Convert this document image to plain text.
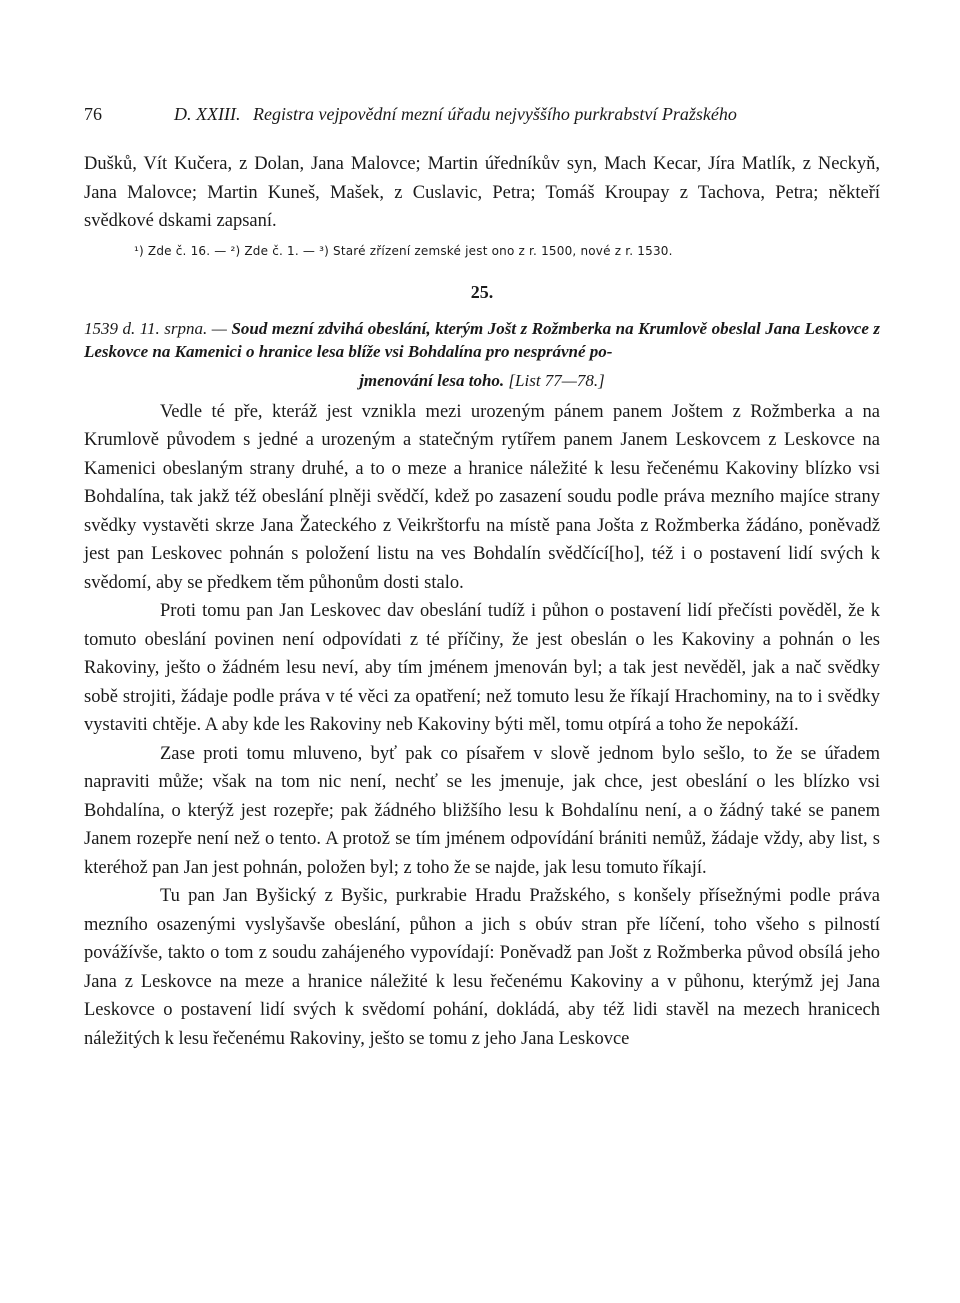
76	D. XXIII. Registra vejpovědní mezní úřadu nejvyššího purkrabství Pražského

Dušků, Vít Kučera, z Dolan, Jana Malovce; Martin úředníkův syn, Mach Kecar, Jíra Matlík, z Neckyň, Jana Malovce; Martin Kuneš, Mašek, z Cuslavic, Petra; Tomáš Kroupay z Tachova, Petra; někteří svědkové dskami zapsaní.

¹) Zde č. 16. — ²) Zde č. 1. — ³) Staré zřízení zemské jest ono z r. 1500, nové z r. 1530.

25.

1539 d. 11. srpna. — Soud mezní zdvihá obeslání, kterým Jošt z Rožmberka na Krumlově obeslal Jana Leskovce z Leskovce na Kamenici o hranice lesa blíže vsi Bohdalína pro nesprávné po-

jmenování lesa toho. [List 77—78.]

Vedle té pře, kteráž jest vznikla mezi urozeným pánem panem Joštem z Rožmberka a na Krumlově původem s jedné a urozeným a statečným rytířem panem Janem Leskovcem z Leskovce na Kamenici obeslaným strany druhé, a to o meze a hranice náležité k lesu řečenému Kakoviny blízko vsi Bohdalína, tak jakž též obeslání plněji svědčí, kdež po zasazení soudu podle práva mezního majíce strany svědky vystavěti skrze Jana Žateckého z Veikrštorfu na místě pana Jošta z Rožmberka žádáno, poněvadž jest pan Leskovec pohnán s položení listu na ves Bohdalín svědčící[ho], též i o postavení lidí svých k svědomí, aby se předkem těm půhonům dosti stalo.

Proti tomu pan Jan Leskovec dav obeslání tudíž i půhon o postavení lidí přečísti pověděl, že k tomuto obeslání povinen není odpovídati z té příčiny, že jest obeslán o les Kakoviny a pohnán o les Rakoviny, ješto o žádném lesu neví, aby tím jménem jmenován byl; a tak jest nevěděl, jak a nač svědky sobě strojiti, žádaje podle práva v té věci za opatření; než tomuto lesu že říkají Hrachominy, na to i svědky vystaviti chtěje. A aby kde les Rakoviny neb Kakoviny býti měl, tomu otpírá a toho že nepokáží.

Zase proti tomu mluveno, byť pak co písařem v slově jednom bylo sešlo, to že se úřadem napraviti může; však na tom nic není, nechť se les jmenuje, jak chce, jest obeslání o les blízko vsi Bohdalína, o kterýž jest rozepře; pak žádného bližšího lesu k Bohdalínu není, a o žádný také se panem Janem rozepře není než o tento. A protož se tím jménem odpovídání brániti nemůž, žádaje vždy, aby list, s kteréhož pan Jan jest pohnán, položen byl; z toho že se najde, jak lesu tomuto říkají.

Tu pan Jan Byšický z Byšic, purkrabie Hradu Pražského, s konšely přísežnými podle práva mezního osazenými vyslyšavše obeslání, půhon a jich s obúv stran pře líčení, toho všeho s pilností povážívše, takto o tom z soudu zahájeného vypovídají: Poněvadž pan Jošt z Rožmberka původ obsílá jeho Jana z Leskovce na meze a hranice náležité k lesu řečenému Kakoviny a v půhonu, kterýmž jej Jana Leskovce o postavení lidí svých k svědomí pohání, dokládá, aby též lidi stavěl na mezech hranicech náležitých k lesu řečenému Rakoviny, ješto se tomu z jeho Jana Leskovce
